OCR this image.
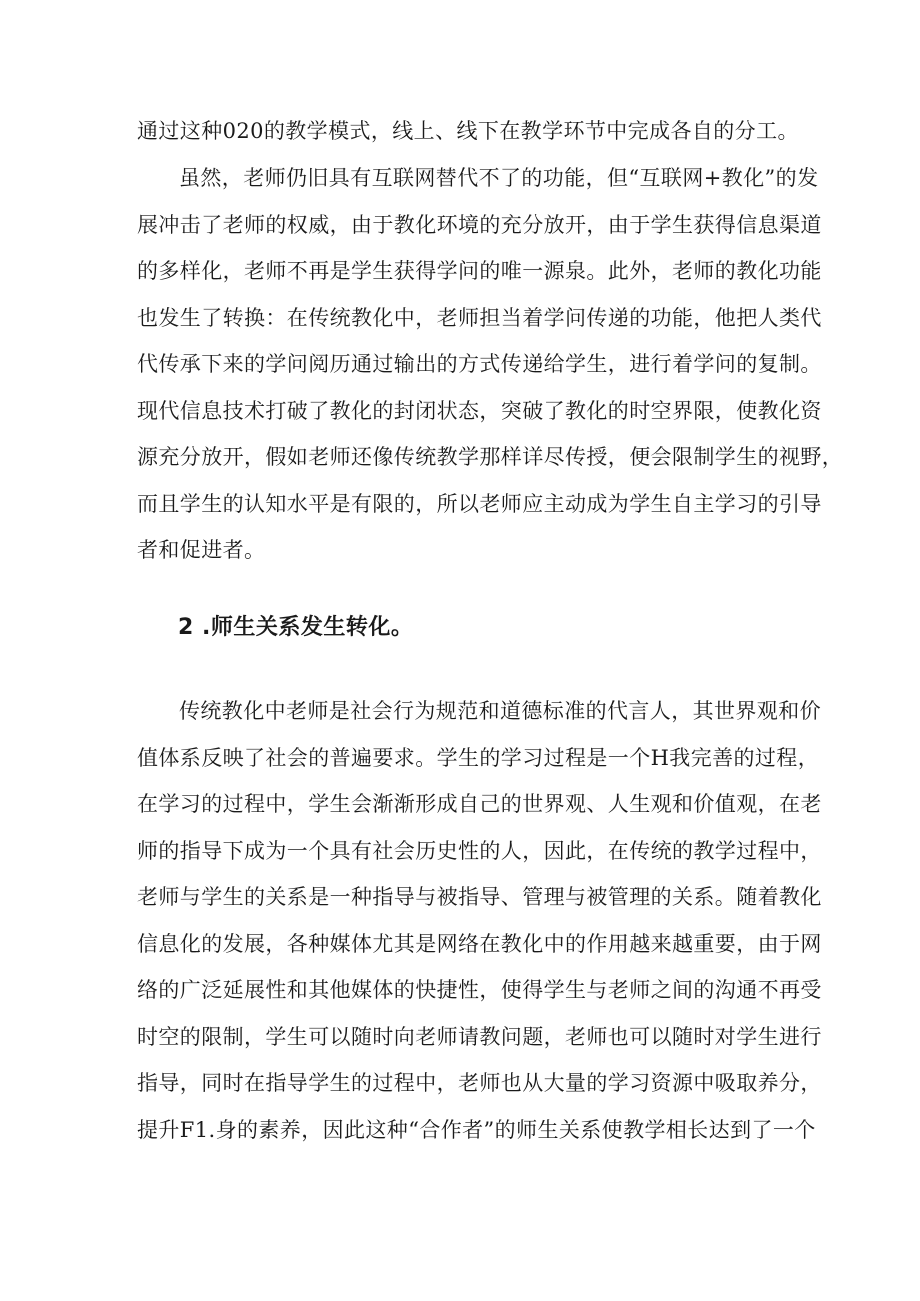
通过这种020的教学模式，线上、线下在教学环节中完成各自的分工。

虽然，老师仍旧具有互联网替代不了的功能，但“互联网+教化”的发
展冲击了老师的权威，由于教化环境的充分放开，由于学生获得信息渠道
的多样化，老师不再是学生获得学问的唯一源泉。此外，老师的教化功能
也发生了转换：在传统教化中，老师担当着学问传递的功能，他把人类代
代传承下来的学问阅历通过输出的方式传递给学生，进行着学问的复制。
现代信息技术打破了教化的封闭状态，突破了教化的时空界限，使教化资
源充分放开，假如老师还像传统教学那样详尽传授，便会限制学生的视野，
而且学生的认知水平是有限的，所以老师应主动成为学生自主学习的引导
者和促进者。

2 .师生关系发生转化。

传统教化中老师是社会行为规范和道德标准的代言人，其世界观和价
值体系反映了社会的普遍要求。学生的学习过程是一个H我完善的过程，
在学习的过程中，学生会渐渐形成自己的世界观、人生观和价值观，在老
师的指导下成为一个具有社会历史性的人，因此，在传统的教学过程中，
老师与学生的关系是一种指导与被指导、管理与被管理的关系。随着教化
信息化的发展，各种媒体尤其是网络在教化中的作用越来越重要，由于网
络的广泛延展性和其他媒体的快捷性，使得学生与老师之间的沟通不再受
时空的限制，学生可以随时向老师请教问题，老师也可以随时对学生进行
指导，同时在指导学生的过程中，老师也从大量的学习资源中吸取养分，
提升F1.身的素养，因此这种“合作者”的师生关系使教学相长达到了一个
